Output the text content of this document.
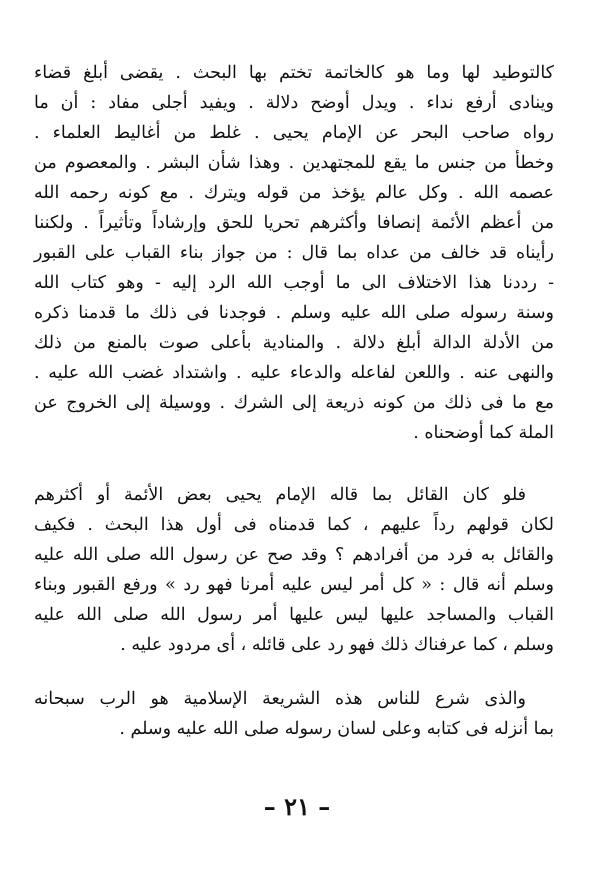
كالتوطيد لها وما هو كالخاتمة تختم بها البحث . يقضى أبلغ قضاء
وينادى أرفع نداء . ويدل أوضح دلالة . ويفيد أجلى مفاد : أن ما
رواه صاحب البحر عن الإمام يحيى . غلط من أغاليط العلماء .
وخطأ من جنس ما يقع للمجتهدين . وهذا شأن البشر . والمعصوم من
عصمه الله . وكل عالم يؤخذ من قوله ويترك . مع كونه رحمه الله
من أعظم الأئمة إنصافا وأكثرهم تحريا للحق وإرشاداً وتأثيراً . ولكننا
رأيناه قد خالف من عداه بما قال : من جواز بناء القباب على القبور
- رددنا هذا الاختلاف الى ما أوجب الله الرد إليه - وهو كتاب الله
وسنة رسوله صلى الله عليه وسلم . فوجدنا فى ذلك ما قدمنا ذكره
من الأدلة الدالة أبلغ دلالة . والمنادية بأعلى صوت بالمنع من ذلك
والنهى عنه . واللعن لفاعله والدعاء عليه . واشتداد غضب الله عليه .
مع ما فى ذلك من كونه ذريعة إلى الشرك . ووسيلة إلى الخروج عن
الملة كما أوضحناه .
فلو كان القائل بما قاله الإمام يحيى بعض الأئمة أو أكثرهم
لكان قولهم رداً عليهم ، كما قدمناه فى أول هذا البحث . فكيف
والقائل به فرد من أفرادهم ؟ وقد صح عن رسول الله صلى الله عليه
وسلم أنه قال : « كل أمر ليس عليه أمرنا فهو رد » ورفع القبور وبناء
القباب والمساجد عليها ليس عليها أمر رسول الله صلى الله عليه
وسلم ، كما عرفناك ذلك فهو رد على قائله ، أى مردود عليه .
والذى شرع للناس هذه الشريعة الإسلامية هو الرب سبحانه
بما أنزله فى كتابه وعلى لسان رسوله صلى الله عليه وسلم .
– ٢١ –
